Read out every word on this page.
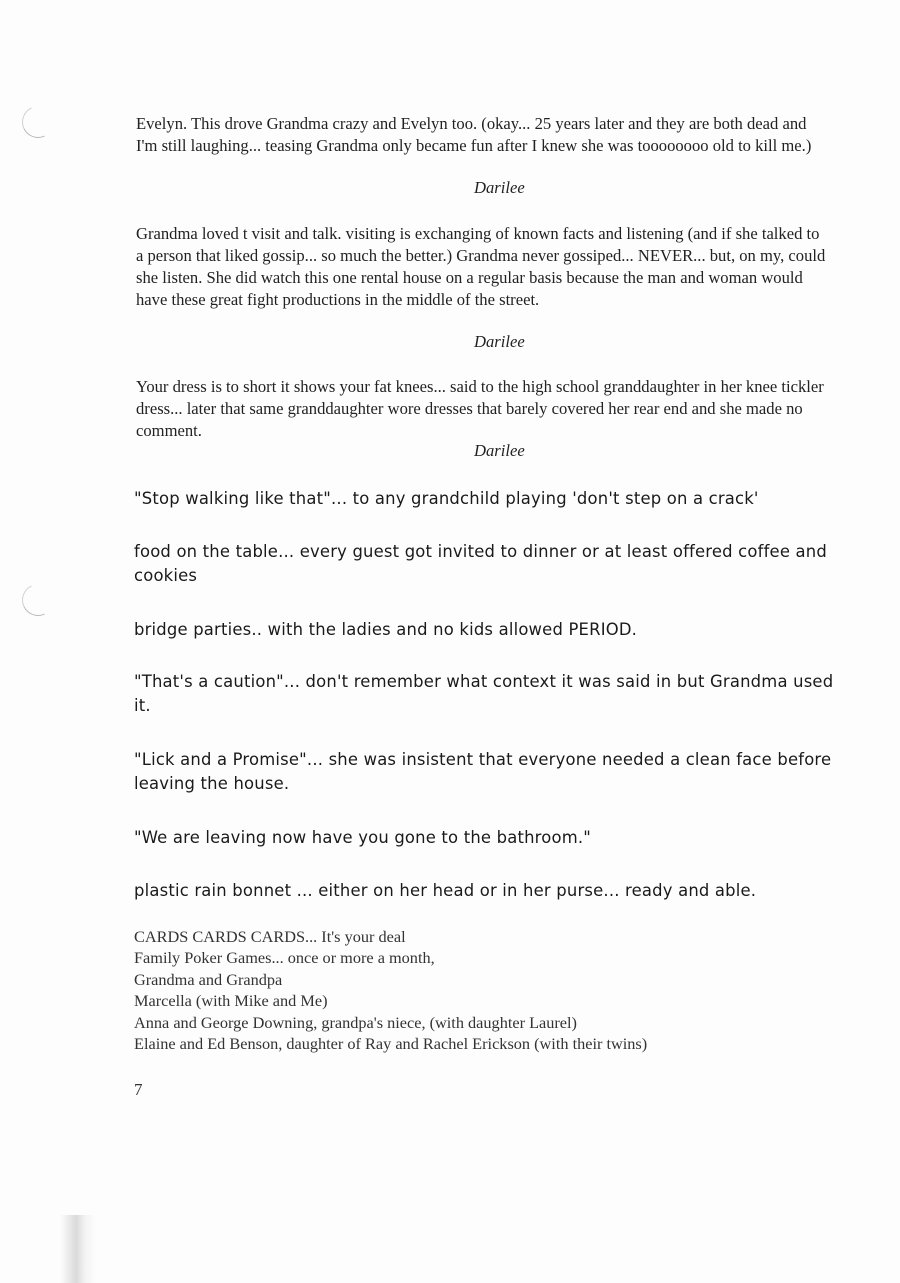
Evelyn. This drove Grandma crazy and Evelyn too. (okay... 25 years later and they are both dead and I'm still laughing... teasing Grandma only became fun after I knew she was toooooooo old to kill me.)

Darilee

Grandma loved t visit and talk. visiting is exchanging of known facts and listening (and if she talked to a person that liked gossip... so much the better.) Grandma never gossiped... NEVER... but, on my, could she listen. She did watch this one rental house on a regular basis because the man and woman would have these great fight productions in the middle of the street.

Darilee

Your dress is to short it shows your fat knees... said to the high school granddaughter in her knee tickler dress... later that same granddaughter wore dresses that barely covered her rear end and she made no comment.

Darilee

"Stop walking like that"... to any grandchild playing 'don't step on a crack'

food on the table... every guest got invited to dinner or at least offered coffee and cookies

bridge parties.. with the ladies and no kids allowed PERIOD.

"That's a caution"... don't remember what context it was said in but Grandma used it.

"Lick and a Promise"... she was insistent that everyone needed a clean face before leaving the house.

"We are leaving now have you gone to the bathroom."

plastic rain bonnet ... either on her head or in her purse... ready and able.

CARDS CARDS CARDS... It's your deal
Family Poker Games... once or more a month,
Grandma and Grandpa
Marcella (with Mike and Me)
Anna and George Downing, grandpa's niece, (with daughter Laurel)
Elaine and Ed Benson, daughter of Ray and Rachel Erickson (with their twins)
7
